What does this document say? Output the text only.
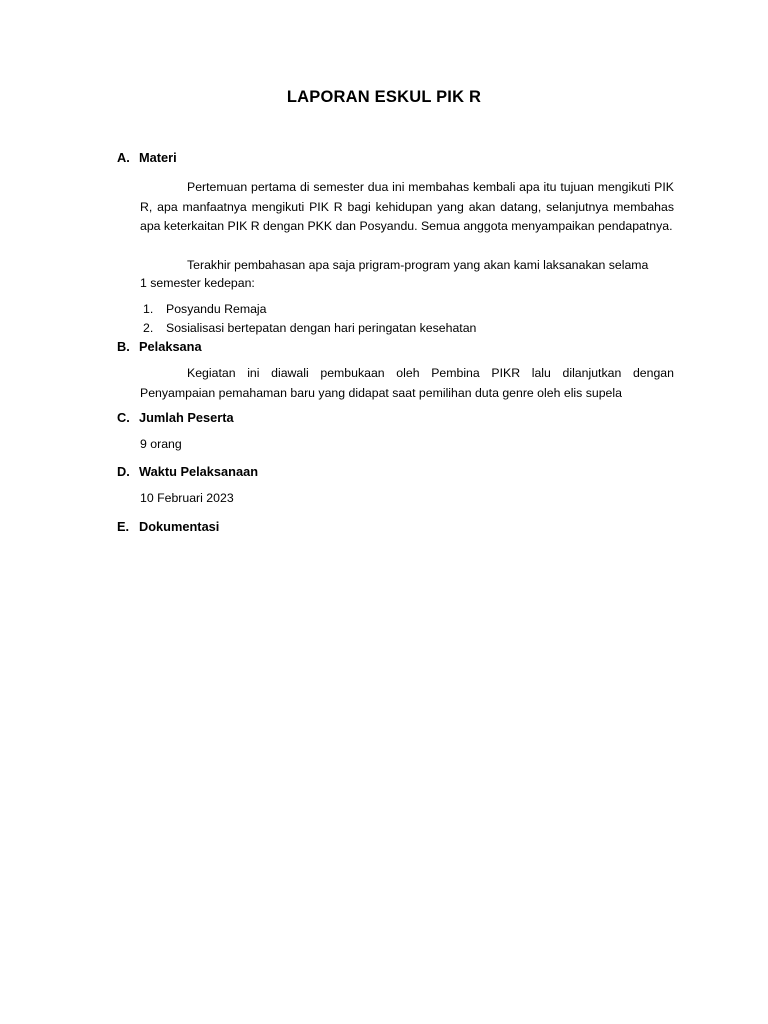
LAPORAN ESKUL PIK R
A. Materi
Pertemuan pertama di semester dua ini membahas kembali apa itu tujuan mengikuti PIK R, apa manfaatnya mengikuti PIK R bagi kehidupan yang akan datang, selanjutnya membahas apa keterkaitan PIK R dengan PKK dan Posyandu. Semua anggota menyampaikan pendapatnya.
Terakhir pembahasan apa saja prigram-program yang akan kami laksanakan selama
1 semester kedepan:
1. Posyandu Remaja
2. Sosialisasi bertepatan dengan hari peringatan kesehatan
B. Pelaksana
Kegiatan ini diawali pembukaan oleh Pembina PIKR lalu dilanjutkan dengan Penyampaian pemahaman baru yang didapat saat pemilihan duta genre oleh elis supela
C. Jumlah Peserta
9 orang
D. Waktu Pelaksanaan
10 Februari 2023
E. Dokumentasi
